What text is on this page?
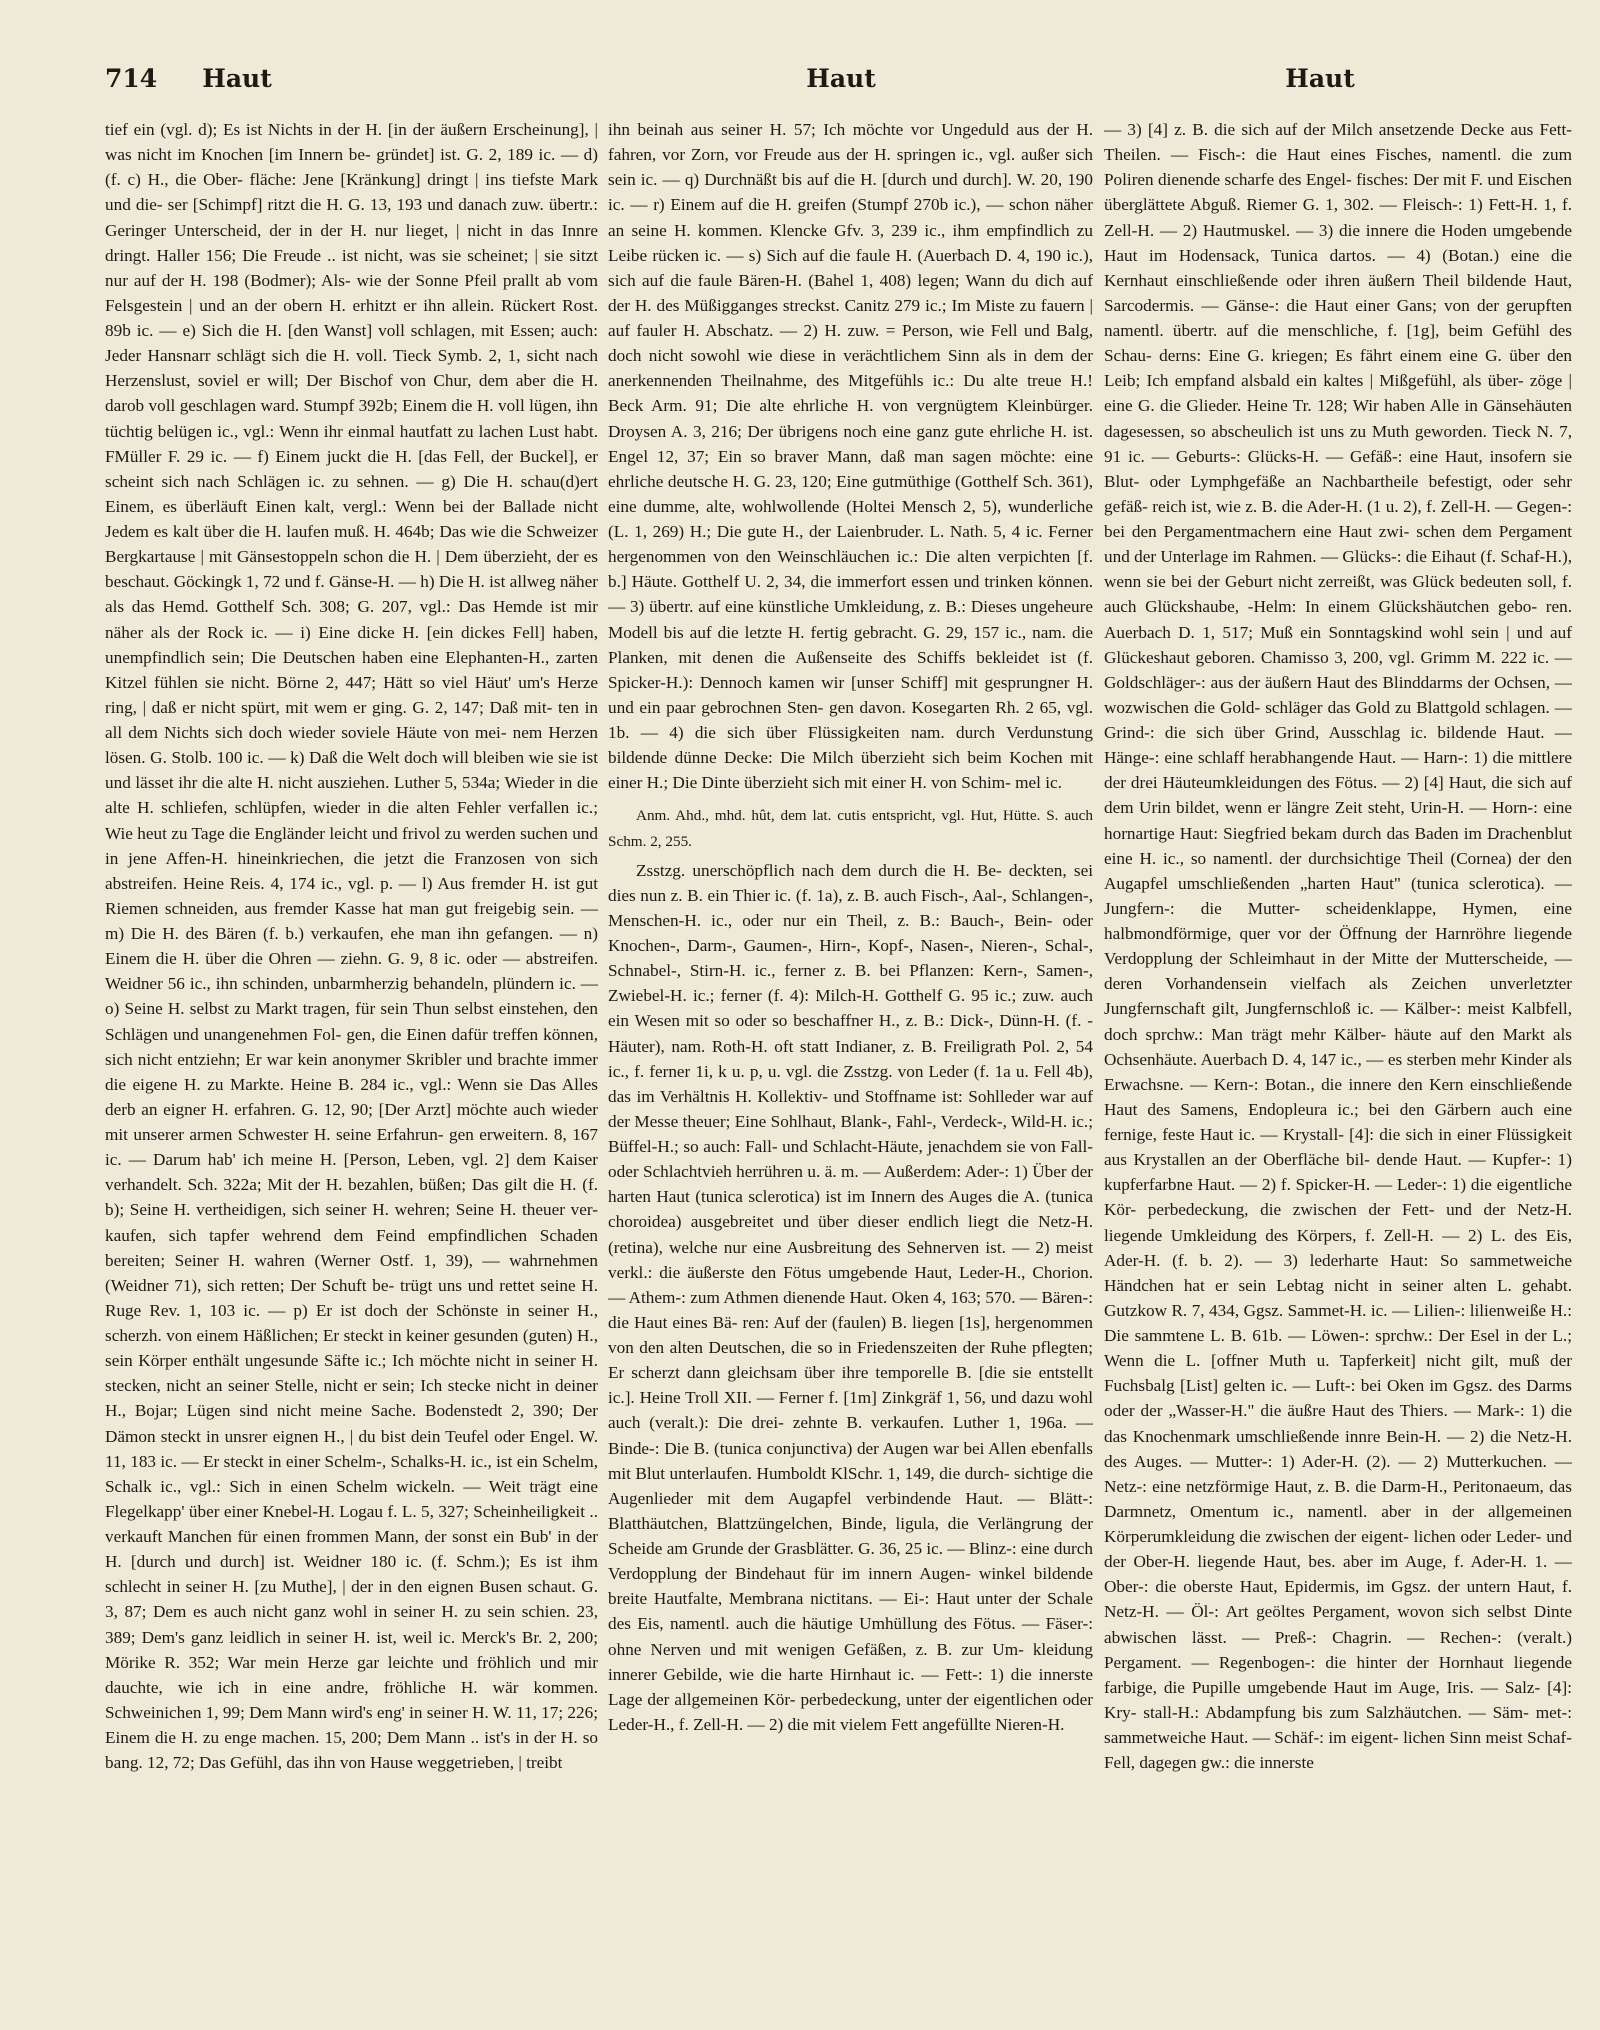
714 Haut	Haut	Haut

tief ein (vgl. d); Es ist Nichts in der H. [in der äußern Erscheinung], | was nicht im Knochen [im Innern be- gründet] ist. G. 2, 189 ic. — d) (f. c) H., die Ober- fläche: Jene [Kränkung] dringt | ins tiefste Mark und die- ser [Schimpf] ritzt die H. G. 13, 193 und danach zuw. übertr.: Geringer Unterscheid, der in der H. nur lieget, | nicht in das Innre dringt. Haller 156; Die Freude .. ist nicht, was sie scheinet; | sie sitzt nur auf der H. 198 (Bodmer); Als- wie der Sonne Pfeil prallt ab vom Felsgestein | und an der obern H. erhitzt er ihn allein. Rückert Rost. 89b ic. — e) Sich die H. [den Wanst] voll schlagen, mit Essen; auch: Jeder Hansnarr schlägt sich die H. voll. Tieck Symb. 2, 1, sicht nach Herzenslust, soviel er will; Der Bischof von Chur, dem aber die H. darob voll geschlagen ward. Stumpf 392b; Einem die H. voll lügen, ihn tüchtig belügen ic., vgl.: Wenn ihr einmal hautfatt zu lachen Lust habt. FMüller F. 29 ic. — f) Einem juckt die H. [das Fell, der Buckel], er scheint sich nach Schlägen ic. zu sehnen. — g) Die H. schau(d)ert Einem, es überläuft Einen kalt, vergl.: Wenn bei der Ballade nicht Jedem es kalt über die H. laufen muß. H. 464b; Das wie die Schweizer Bergkartause | mit Gänsestoppeln schon die H. | Dem überzieht, der es beschaut. Göckingk 1, 72 und f. Gänse-H. — h) Die H. ist allweg näher als das Hemd. Gotthelf Sch. 308; G. 207, vgl.: Das Hemde ist mir näher als der Rock ic. — i) Eine dicke H. [ein dickes Fell] haben, unempfindlich sein; Die Deutschen haben eine Elephanten-H., zarten Kitzel fühlen sie nicht. Börne 2, 447; Hätt so viel Häut' um's Herze ring, | daß er nicht spürt, mit wem er ging. G. 2, 147; Daß mit- ten in all dem Nichts sich doch wieder soviele Häute von mei- nem Herzen lösen. G. Stolb. 100 ic. — k) Daß die Welt doch will bleiben wie sie ist und lässet ihr die alte H. nicht ausziehen. Luther 5, 534a; Wieder in die alte H. schliefen, schlüpfen, wieder in die alten Fehler verfallen ic.; Wie heut zu Tage die Engländer leicht und frivol zu werden suchen und in jene Affen-H. hineinkriechen, die jetzt die Franzosen von sich abstreifen. Heine Reis. 4, 174 ic., vgl. p. — l) Aus fremder H. ist gut Riemen schneiden, aus fremder Kasse hat man gut freigebig sein. — m) Die H. des Bären (f. b.) verkaufen, ehe man ihn gefangen. — n) Einem die H. über die Ohren — ziehn. G. 9, 8 ic. oder — abstreifen. Weidner 56 ic., ihn schinden, unbarmherzig behandeln, plündern ic. — o) Seine H. selbst zu Markt tragen, für sein Thun selbst einstehen, den Schlägen und unangenehmen Fol- gen, die Einen dafür treffen können, sich nicht entziehn; Er war kein anonymer Skribler und brachte immer die eigene H. zu Markte. Heine B. 284 ic., vgl.: Wenn sie Das Alles derb an eigner H. erfahren. G. 12, 90; [Der Arzt] möchte auch wieder mit unserer armen Schwester H. seine Erfahrun- gen erweitern. 8, 167 ic. — Darum hab' ich meine H. [Person, Leben, vgl. 2] dem Kaiser verhandelt. Sch. 322a; Mit der H. bezahlen, büßen; Das gilt die H. (f. b); Seine H. vertheidigen, sich seiner H. wehren; Seine H. theuer ver- kaufen, sich tapfer wehrend dem Feind empfindlichen Schaden bereiten; Seiner H. wahren (Werner Ostf. 1, 39), — wahrnehmen (Weidner 71), sich retten; Der Schuft be- trügt uns und rettet seine H. Ruge Rev. 1, 103 ic. — p) Er ist doch der Schönste in seiner H., scherzh. von einem Häßlichen; Er steckt in keiner gesunden (guten) H., sein Körper enthält ungesunde Säfte ic.; Ich möchte nicht in seiner H. stecken, nicht an seiner Stelle, nicht er sein; Ich stecke nicht in deiner H., Bojar; Lügen sind nicht meine Sache. Bodenstedt 2, 390; Der Dämon steckt in unsrer eignen H., | du bist dein Teufel oder Engel. W. 11, 183 ic. — Er steckt in einer Schelm-, Schalks-H. ic., ist ein Schelm, Schalk ic., vgl.: Sich in einen Schelm wickeln. — Weit trägt eine Flegelkapp' über einer Knebel-H. Logau f. L. 5, 327; Scheinheiligkeit .. verkauft Manchen für einen frommen Mann, der sonst ein Bub' in der H. [durch und durch] ist. Weidner 180 ic. (f. Schm.); Es ist ihm schlecht in seiner H. [zu Muthe], | der in den eignen Busen schaut. G. 3, 87; Dem es auch nicht ganz wohl in seiner H. zu sein schien. 23, 389; Dem's ganz leidlich in seiner H. ist, weil ic. Merck's Br. 2, 200; Mörike R. 352; War mein Herze gar leichte und fröhlich und mir dauchte, wie ich in eine andre, fröhliche H. wär kommen. Schweinichen 1, 99; Dem Mann wird's eng' in seiner H. W. 11, 17; 226; Einem die H. zu enge machen. 15, 200; Dem Mann .. ist's in der H. so bang. 12, 72; Das Gefühl, das ihn von Hause weggetrieben, | treibt

ihn beinah aus seiner H. 57; Ich möchte vor Ungeduld aus der H. fahren, vor Zorn, vor Freude aus der H. springen ic., vgl. außer sich sein ic. — q) Durchnäßt bis auf die H. [durch und durch]. W. 20, 190 ic. — r) Einem auf die H. greifen (Stumpf 270b ic.), — schon näher an seine H. kommen. Klencke Gfv. 3, 239 ic., ihm empfindlich zu Leibe rücken ic. — s) Sich auf die faule H. (Auerbach D. 4, 190 ic.), sich auf die faule Bären-H. (Bahel 1, 408) legen; Wann du dich auf der H. des Müßigganges streckst. Canitz 279 ic.; Im Miste zu fauern | auf fauler H. Abschatz. — 2) H. zuw. = Person, wie Fell und Balg, doch nicht sowohl wie diese in verächtlichem Sinn als in dem der anerkennenden Theilnahme, des Mitgefühls ic.: Du alte treue H.! Beck Arm. 91; Die alte ehrliche H. von vergnügtem Kleinbürger. Droysen A. 3, 216; Der übrigens noch eine ganz gute ehrliche H. ist. Engel 12, 37; Ein so braver Mann, daß man sagen möchte: eine ehrliche deutsche H. G. 23, 120; Eine gutmüthige (Gotthelf Sch. 361), eine dumme, alte, wohlwollende (Holtei Mensch 2, 5), wunderliche (L. 1, 269) H.; Die gute H., der Laienbruder. L. Nath. 5, 4 ic. Ferner hergenommen von den Weinschläuchen ic.: Die alten verpichten [f. b.] Häute. Gotthelf U. 2, 34, die immerfort essen und trinken können. — 3) übertr. auf eine künstliche Umkleidung, z. B.: Dieses ungeheure Modell bis auf die letzte H. fertig gebracht. G. 29, 157 ic., nam. die Planken, mit denen die Außenseite des Schiffs bekleidet ist (f. Spicker-H.): Dennoch kamen wir [unser Schiff] mit gesprungner H. und ein paar gebrochnen Sten- gen davon. Kosegarten Rh. 2 65, vgl. 1b. — 4) die sich über Flüssigkeiten nam. durch Verdunstung bildende dünne Decke: Die Milch überzieht sich beim Kochen mit einer H.; Die Dinte überzieht sich mit einer H. von Schim- mel ic.

Anm. Ahd., mhd. hût, dem lat. cutis entspricht, vgl. Hut, Hütte. S. auch Schm. 2, 255.

Zsstzg. unerschöpflich nach dem durch die H. Be- deckten, sei dies nun z. B. ein Thier ic. (f. 1a), z. B. auch Fisch-, Aal-, Schlangen-, Menschen-H. ic., oder nur ein Theil, z. B.: Bauch-, Bein- oder Knochen-, Darm-, Gaumen-, Hirn-, Kopf-, Nasen-, Nieren-, Schal-, Schnabel-, Stirn-H. ic., ferner z. B. bei Pflanzen: Kern-, Samen-, Zwiebel-H. ic.; ferner (f. 4): Milch-H. Gotthelf G. 95 ic.; zuw. auch ein Wesen mit so oder so beschaffner H., z. B.: Dick-, Dünn-H. (f. -Häuter), nam. Roth-H. oft statt Indianer, z. B. Freiligrath Pol. 2, 54 ic., f. ferner 1i, k u. p, u. vgl. die Zsstzg. von Leder (f. 1a u. Fell 4b), das im Verhältnis H. Kollektiv- und Stoffname ist: Sohlleder war auf der Messe theuer; Eine Sohlhaut, Blank-, Fahl-, Verdeck-, Wild-H. ic.; Büffel-H.; so auch: Fall- und Schlacht-Häute, jenachdem sie von Fall- oder Schlachtvieh herrühren u. ä. m. — Außerdem: Ader-: 1) Über der harten Haut (tunica sclerotica) ist im Innern des Auges die A. (tunica choroidea) ausgebreitet und über dieser endlich liegt die Netz-H. (retina), welche nur eine Ausbreitung des Sehnerven ist. — 2) meist verkl.: die äußerste den Fötus umgebende Haut, Leder-H., Chorion. — Athem-: zum Athmen dienende Haut. Oken 4, 163; 570. — Bären-: die Haut eines Bä- ren: Auf der (faulen) B. liegen [1s], hergenommen von den alten Deutschen, die so in Friedenszeiten der Ruhe pflegten; Er scherzt dann gleichsam über ihre temporelle B. [die sie entstellt ic.]. Heine Troll XII. — Ferner f. [1m] Zinkgräf 1, 56, und dazu wohl auch (veralt.): Die drei- zehnte B. verkaufen. Luther 1, 196a. — Binde-: Die B. (tunica conjunctiva) der Augen war bei Allen ebenfalls mit Blut unterlaufen. Humboldt KlSchr. 1, 149, die durch- sichtige die Augenlieder mit dem Augapfel verbindende Haut. — Blätt-: Blatthäutchen, Blattzüngelchen, Binde, ligula, die Verlängrung der Scheide am Grunde der Grasblätter. G. 36, 25 ic. — Blinz-: eine durch Verdopplung der Bindehaut für im innern Augen- winkel bildende breite Hautfalte, Membrana nictitans. — Ei-: Haut unter der Schale des Eis, namentl. auch die häutige Umhüllung des Fötus. — Fäser-: ohne Nerven und mit wenigen Gefäßen, z. B. zur Um- kleidung innerer Gebilde, wie die harte Hirnhaut ic. — Fett-: 1) die innerste Lage der allgemeinen Kör- perbedeckung, unter der eigentlichen oder Leder-H., f. Zell-H. — 2) die mit vielem Fett angefüllte Nieren-H.

— 3) [4] z. B. die sich auf der Milch ansetzende Decke aus Fett-Theilen. — Fisch-: die Haut eines Fisches, namentl. die zum Poliren dienende scharfe des Engel- fisches: Der mit F. und Eischen überglättete Abguß. Riemer G. 1, 302. — Fleisch-: 1) Fett-H. 1, f. Zell-H. — 2) Hautmuskel. — 3) die innere die Hoden umgebende Haut im Hodensack, Tunica dartos. — 4) (Botan.) eine die Kernhaut einschließende oder ihren äußern Theil bildende Haut, Sarcodermis. — Gänse-: die Haut einer Gans; von der gerupften namentl. übertr. auf die menschliche, f. [1g], beim Gefühl des Schau- derns: Eine G. kriegen; Es fährt einem eine G. über den Leib; Ich empfand alsbald ein kaltes | Mißgefühl, als über- zöge | eine G. die Glieder. Heine Tr. 128; Wir haben Alle in Gänsehäuten dagesessen, so abscheulich ist uns zu Muth geworden. Tieck N. 7, 91 ic. — Geburts-: Glücks-H. — Gefäß-: eine Haut, insofern sie Blut- oder Lymphgefäße an Nachbartheile befestigt, oder sehr gefäß- reich ist, wie z. B. die Ader-H. (1 u. 2), f. Zell-H. — Gegen-: bei den Pergamentmachern eine Haut zwi- schen dem Pergament und der Unterlage im Rahmen. — Glücks-: die Eihaut (f. Schaf-H.), wenn sie bei der Geburt nicht zerreißt, was Glück bedeuten soll, f. auch Glückshaube, -Helm: In einem Glückshäutchen gebo- ren. Auerbach D. 1, 517; Muß ein Sonntagskind wohl sein | und auf Glückeshaut geboren. Chamisso 3, 200, vgl. Grimm M. 222 ic. — Goldschläger-: aus der äußern Haut des Blinddarms der Ochsen, — wozwischen die Gold- schläger das Gold zu Blattgold schlagen. — Grind-: die sich über Grind, Ausschlag ic. bildende Haut. — Hänge-: eine schlaff herabhangende Haut. — Harn-: 1) die mittlere der drei Häuteumkleidungen des Fötus. — 2) [4] Haut, die sich auf dem Urin bildet, wenn er längre Zeit steht, Urin-H. — Horn-: eine hornartige Haut: Siegfried bekam durch das Baden im Drachenblut eine H. ic., so namentl. der durchsichtige Theil (Cornea) der den Augapfel umschließenden „harten Haut" (tunica sclerotica). — Jungfern-: die Mutter- scheidenklappe, Hymen, eine halbmondförmige, quer vor der Öffnung der Harnröhre liegende Verdopplung der Schleimhaut in der Mitte der Mutterscheide, — deren Vorhandensein vielfach als Zeichen unverletzter Jungfernschaft gilt, Jungfernschloß ic. — Kälber-: meist Kalbfell, doch sprchw.: Man trägt mehr Kälber- häute auf den Markt als Ochsenhäute. Auerbach D. 4, 147 ic., — es sterben mehr Kinder als Erwachsne. — Kern-: Botan., die innere den Kern einschließende Haut des Samens, Endopleura ic.; bei den Gärbern auch eine fernige, feste Haut ic. — Krystall- [4]: die sich in einer Flüssigkeit aus Krystallen an der Oberfläche bil- dende Haut. — Kupfer-: 1) kupferfarbne Haut. — 2) f. Spicker-H. — Leder-: 1) die eigentliche Kör- perbedeckung, die zwischen der Fett- und der Netz-H. liegende Umkleidung des Körpers, f. Zell-H. — 2) L. des Eis, Ader-H. (f. b. 2). — 3) lederharte Haut: So sammetweiche Händchen hat er sein Lebtag nicht in seiner alten L. gehabt. Gutzkow R. 7, 434, Ggsz. Sammet-H. ic. — Lilien-: lilienweiße H.: Die sammtene L. B. 61b. — Löwen-: sprchw.: Der Esel in der L.; Wenn die L. [offner Muth u. Tapferkeit] nicht gilt, muß der Fuchsbalg [List] gelten ic. — Luft-: bei Oken im Ggsz. des Darms oder der „Wasser-H." die äußre Haut des Thiers. — Mark-: 1) die das Knochenmark umschließende innre Bein-H. — 2) die Netz-H. des Auges. — Mutter-: 1) Ader-H. (2). — 2) Mutterkuchen. — Netz-: eine netzförmige Haut, z. B. die Darm-H., Peritonaeum, das Darmnetz, Omentum ic., namentl. aber in der allgemeinen Körperumkleidung die zwischen der eigent- lichen oder Leder- und der Ober-H. liegende Haut, bes. aber im Auge, f. Ader-H. 1. — Ober-: die oberste Haut, Epidermis, im Ggsz. der untern Haut, f. Netz-H. — Öl-: Art geöltes Pergament, wovon sich selbst Dinte abwischen lässt. — Preß-: Chagrin. — Rechen-: (veralt.) Pergament. — Regenbogen-: die hinter der Hornhaut liegende farbige, die Pupille umgebende Haut im Auge, Iris. — Salz- [4]: Kry- stall-H.: Abdampfung bis zum Salzhäutchen. — Säm- met-: sammetweiche Haut. — Schäf-: im eigent- lichen Sinn meist Schaf-Fell, dagegen gw.: die innerste
